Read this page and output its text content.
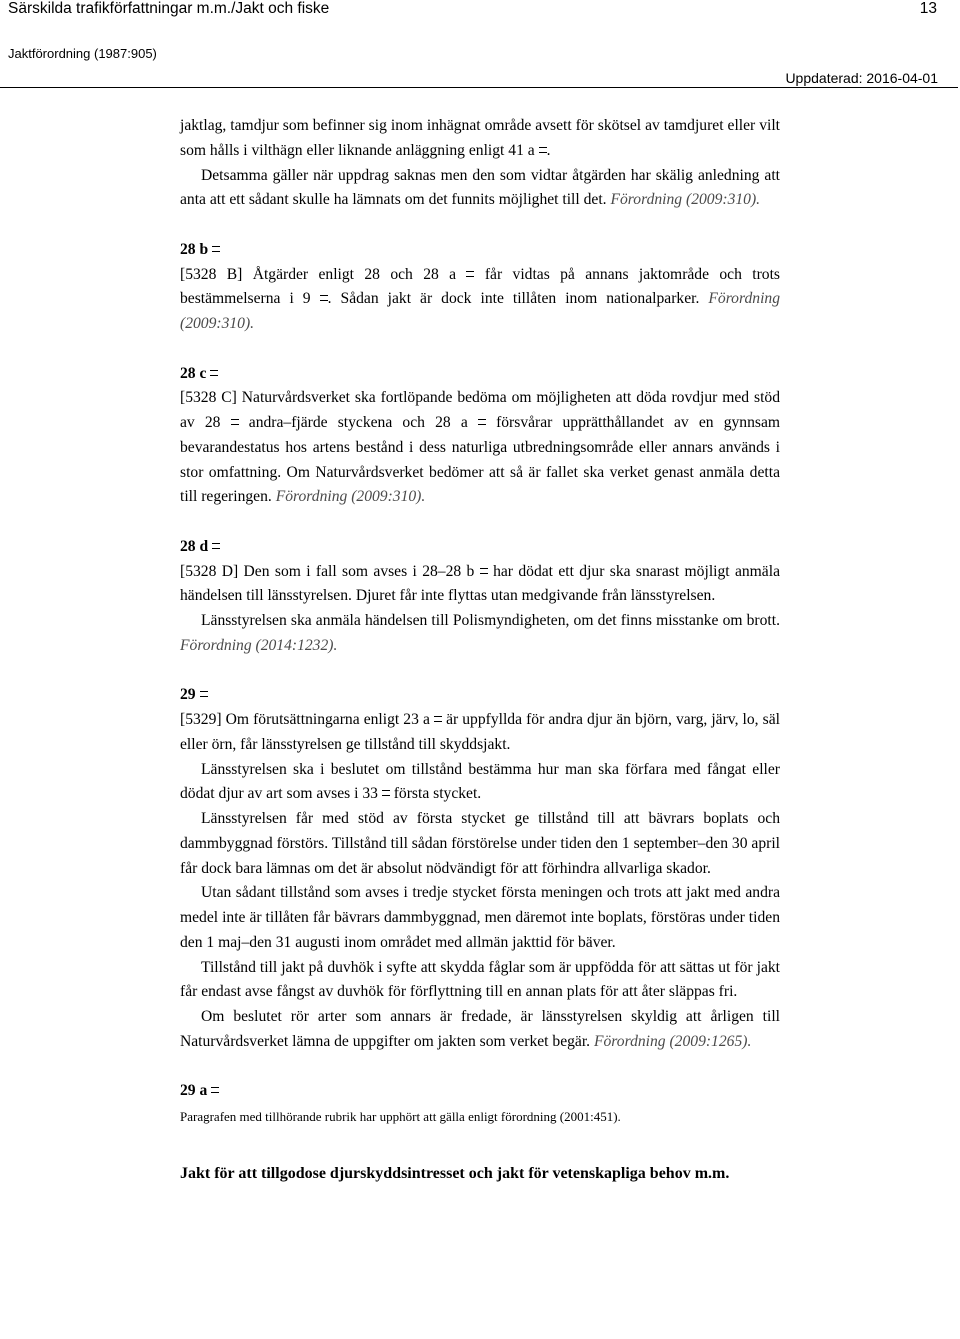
Särskilda trafikförfattningar m.m./Jakt och fiske	13
Jaktförordning (1987:905)
Uppdaterad: 2016-04-01

jaktlag, tamdjur som befinner sig inom inhägnat område avsett för skötsel av tamdjuret eller vilt som hålls i vilthägn eller liknande anläggning enligt 41 a .

Detsamma gäller när uppdrag saknas men den som vidtar åtgärden har skälig anledning att anta att ett sådant skulle ha lämnats om det funnits möjlighet till det. Förordning (2009:310).

28 b

[5328 B] Åtgärder enligt 28 och 28 a får vidtas på annans jaktområde och trots bestämmelserna i 9 . Sådan jakt är dock inte tillåten inom nationalparker. Förordning (2009:310).

28 c

[5328 C] Naturvårdsverket ska fortlöpande bedöma om möjligheten att döda rovdjur med stöd av 28 andra–fjärde styckena och 28 a försvårar upprätthållandet av en gynnsam bevarandestatus hos artens bestånd i dess naturliga utbredningsområde eller annars används i stor omfattning. Om Naturvårdsverket bedömer att så är fallet ska verket genast anmäla detta till regeringen. Förordning (2009:310).

28 d

[5328 D] Den som i fall som avses i 28–28 b har dödat ett djur ska snarast möjligt anmäla händelsen till länsstyrelsen. Djuret får inte flyttas utan medgivande från länsstyrelsen.

Länsstyrelsen ska anmäla händelsen till Polismyndigheten, om det finns misstanke om brott. Förordning (2014:1232).

29

[5329] Om förutsättningarna enligt 23 a är uppfyllda för andra djur än björn, varg, järv, lo, säl eller örn, får länsstyrelsen ge tillstånd till skyddsjakt.

Länsstyrelsen ska i beslutet om tillstånd bestämma hur man ska förfara med fångat eller dödat djur av art som avses i 33 första stycket.

Länsstyrelsen får med stöd av första stycket ge tillstånd till att bävrars boplats och dammbyggnad förstörs. Tillstånd till sådan förstörelse under tiden den 1 september–den 30 april får dock bara lämnas om det är absolut nödvändigt för att förhindra allvarliga skador.

Utan sådant tillstånd som avses i tredje stycket första meningen och trots att jakt med andra medel inte är tillåten får bävrars dammbyggnad, men däremot inte boplats, förstöras under tiden den 1 maj–den 31 augusti inom området med allmän jakttid för bäver.

Tillstånd till jakt på duvhök i syfte att skydda fåglar som är uppfödda för att sättas ut för jakt får endast avse fångst av duvhök för förflyttning till en annan plats för att åter släppas fri.

Om beslutet rör arter som annars är fredade, är länsstyrelsen skyldig att årligen till Naturvårdsverket lämna de uppgifter om jakten som verket begär. Förordning (2009:1265).

29 a

Paragrafen med tillhörande rubrik har upphört att gälla enligt förordning (2001:451).

Jakt för att tillgodose djurskyddsintresset och jakt för vetenskapliga behov m.m.
